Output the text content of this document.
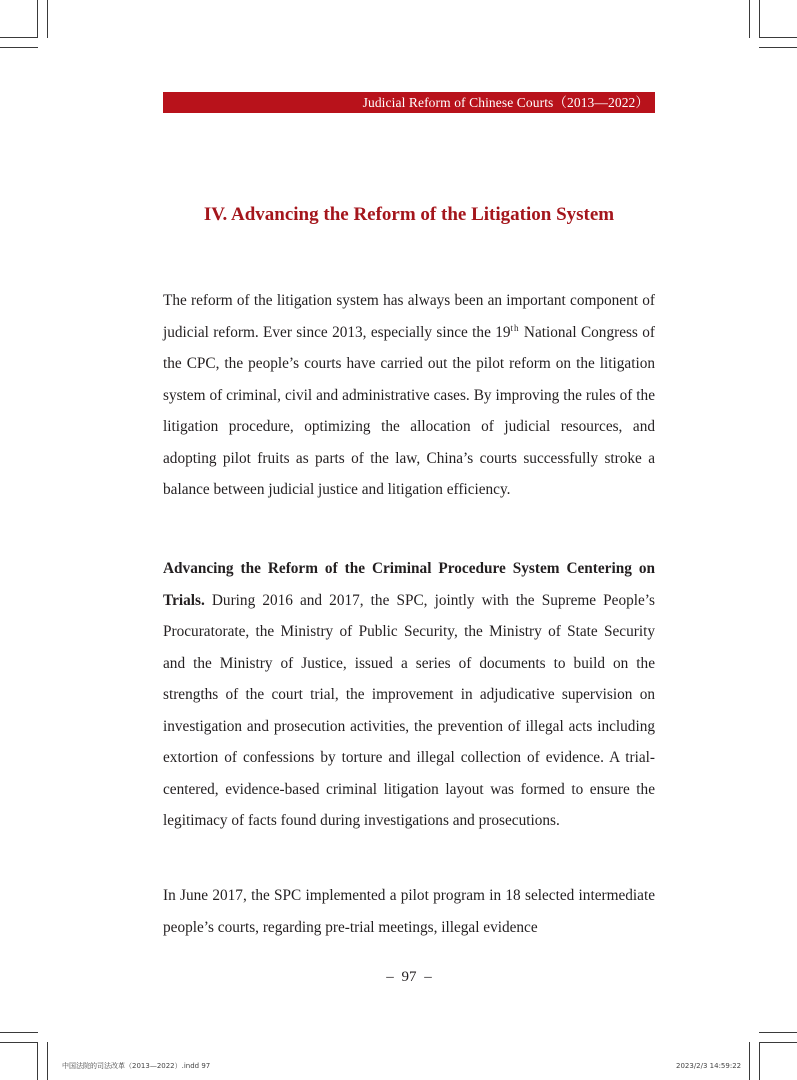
Judicial Reform of Chinese Courts（2013—2022）
IV. Advancing the Reform of the Litigation System

The reform of the litigation system has always been an important component of judicial reform. Ever since 2013, especially since the 19th National Congress of the CPC, the people’s courts have carried out the pilot reform on the litigation system of criminal, civil and administrative cases. By improving the rules of the litigation procedure, optimizing the allocation of judicial resources, and adopting pilot fruits as parts of the law, China’s courts successfully stroke a balance between judicial justice and litigation efficiency.

Advancing the Reform of the Criminal Procedure System Centering on Trials. During 2016 and 2017, the SPC, jointly with the Supreme People’s Procuratorate, the Ministry of Public Security, the Ministry of State Security and the Ministry of Justice, issued a series of documents to build on the strengths of the court trial, the improvement in adjudicative supervision on investigation and prosecution activities, the prevention of illegal acts including extortion of confessions by torture and illegal collection of evidence. A trial-centered, evidence-based criminal litigation layout was formed to ensure the legitimacy of facts found during investigations and prosecutions.

In June 2017, the SPC implemented a pilot program in 18 selected intermediate people’s courts, regarding pre-trial meetings, illegal evidence

– 97 –
中国法院的司法改革（2013—2022）.indd 97	2023/2/3 14:59:22
